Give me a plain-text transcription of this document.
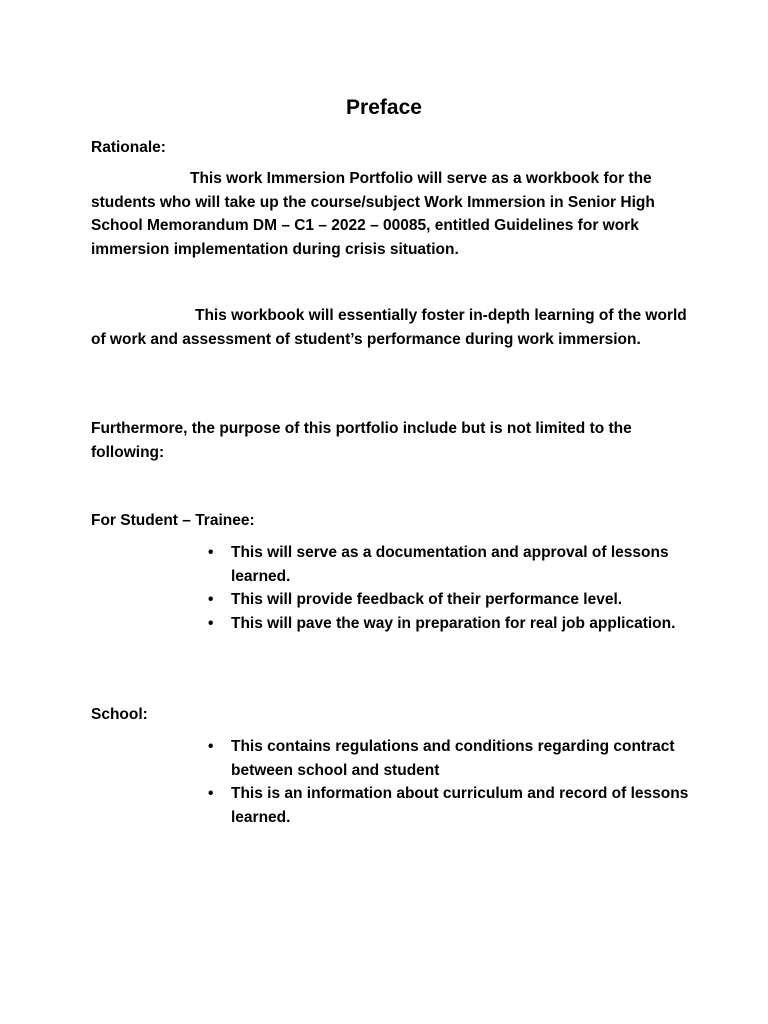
Preface

Rationale:

This work Immersion Portfolio will serve as a workbook for the students who will take up the course/subject Work Immersion in Senior High School Memorandum DM – C1 – 2022 – 00085, entitled Guidelines for work immersion implementation during crisis situation.

This workbook will essentially foster in-depth learning of the world of work and assessment of student’s performance during work immersion.

Furthermore, the purpose of this portfolio include but is not limited to the following:

For Student – Trainee:

• This will serve as a documentation and approval of lessons learned.
• This will provide feedback of their performance level.
• This will pave the way in preparation for real job application.

School:

• This contains regulations and conditions regarding contract between school and student
• This is an information about curriculum and record of lessons learned.
